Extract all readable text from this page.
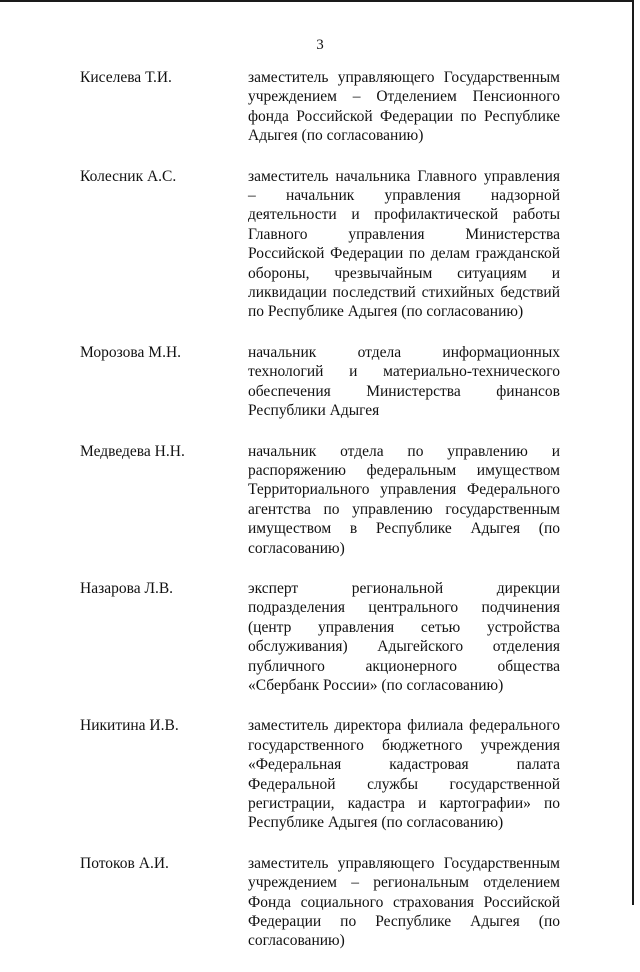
3
Киселева Т.И.	заместитель управляющего Государственным учреждением – Отделением Пенсионного фонда Российской Федерации по Республике Адыгея (по согласованию)
Колесник А.С.	заместитель начальника Главного управления – начальник управления надзорной деятельности и профилактической работы Главного управления Министерства Российской Федерации по делам гражданской обороны, чрезвычайным ситуациям и ликвидации последствий стихийных бедствий по Республике Адыгея (по согласованию)
Морозова М.Н.	начальник отдела информационных технологий и материально-технического обеспечения Министерства финансов Республики Адыгея
Медведева Н.Н.	начальник отдела по управлению и распоряжению федеральным имуществом Территориального управления Федерального агентства по управлению государственным имуществом в Республике Адыгея (по согласованию)
Назарова Л.В.	эксперт региональной дирекции подразделения центрального подчинения (центр управления сетью устройства обслуживания) Адыгейского отделения публичного акционерного общества «Сбербанк России» (по согласованию)
Никитина И.В.	заместитель директора филиала федерального государственного бюджетного учреждения «Федеральная кадастровая палата Федеральной службы государственной регистрации, кадастра и картографии» по Республике Адыгея (по согласованию)
Потоков А.И.	заместитель управляющего Государственным учреждением – региональным отделением Фонда социального страхования Российской Федерации по Республике Адыгея (по согласованию)
